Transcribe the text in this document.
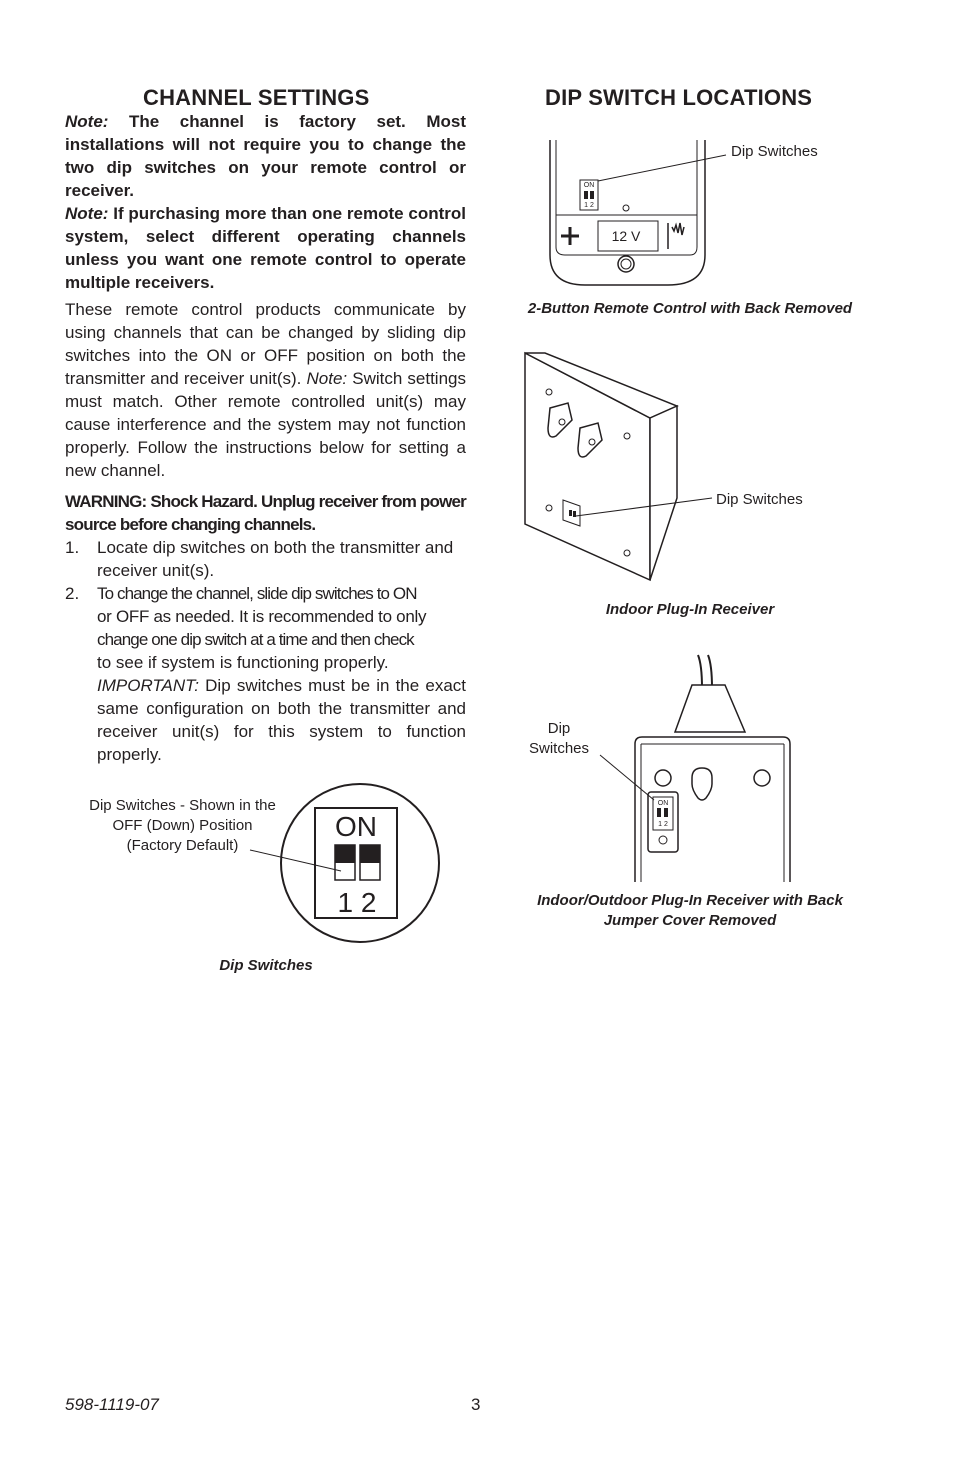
CHANNEL SETTINGS

Note: The channel is factory set. Most installations will not require you to change the two dip switches on your remote control or receiver.

Note: If purchasing more than one remote control system, select different operating channels unless you want one remote control to operate multiple receivers.

These remote control products communicate by using channels that can be changed by sliding dip switches into the ON or OFF position on both the transmitter and receiver unit(s). Note: Switch settings must match. Other remote controlled unit(s) may cause interference and the system may not function properly. Follow the instructions below for setting a new channel.

WARNING: Shock Hazard. Unplug receiver from power source before changing channels.

1. Locate dip switches on both the transmitter and receiver unit(s).
2. To change the channel, slide dip switches to ON
or OFF as needed. It is recommended to only
change one dip switch at a time and then check
to see if system is functioning properly.

IMPORTANT: Dip switches must be in the exact same configuration on both the transmitter and receiver unit(s) for this system to function properly.

Dip Switches - Shown in the
OFF (Down) Position
(Factory Default)
ON
1 2
Dip Switches
DIP SWITCH LOCATIONS
ON
1 2
12 V
Dip Switches
2-Button Remote Control with Back Removed
Dip Switches
Indoor Plug-In Receiver
ON
1 2
Dip
Switches
Indoor/Outdoor Plug-In Receiver with Back
Jumper Cover Removed
598-1119-07	3
